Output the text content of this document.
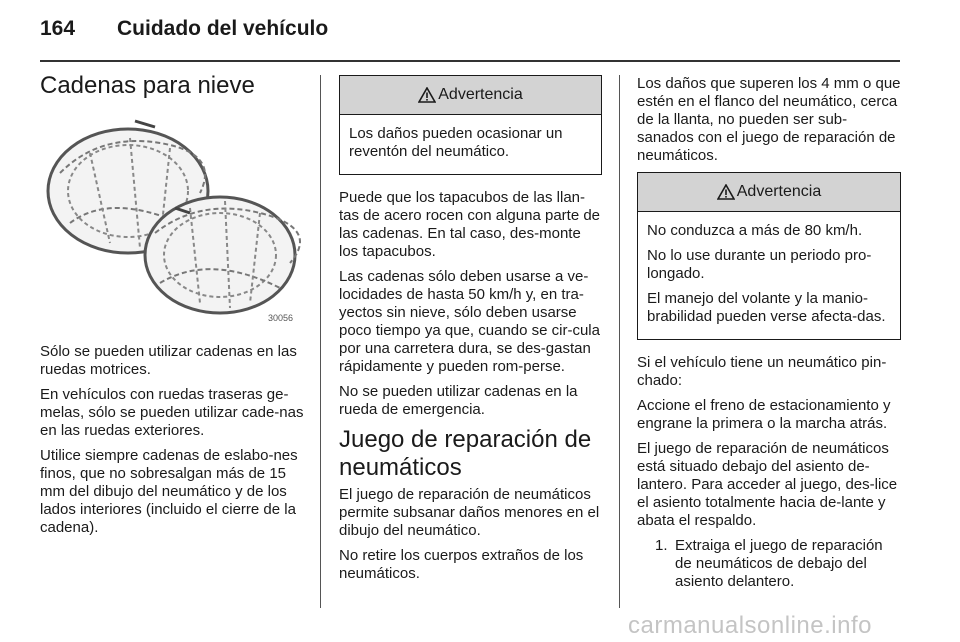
164 Cuidado del vehículo
Cadenas para nieve
30056

Sólo se pueden utilizar cadenas en las ruedas motrices.

En vehículos con ruedas traseras ge-melas, sólo se pueden utilizar cade-nas en las ruedas exteriores.

Utilice siempre cadenas de eslabo-nes finos, que no sobresalgan más de 15 mm del dibujo del neumático y de los lados interiores (incluido el cierre de la cadena).

Advertencia

Los daños pueden ocasionar un reventón del neumático.

Puede que los tapacubos de las llan-tas de acero rocen con alguna parte de las cadenas. En tal caso, des-monte los tapacubos.

Las cadenas sólo deben usarse a ve-locidades de hasta 50 km/h y, en tra-yectos sin nieve, sólo deben usarse poco tiempo ya que, cuando se cir-cula por una carretera dura, se des-gastan rápidamente y pueden rom-perse.

No se pueden utilizar cadenas en la rueda de emergencia.

Juego de reparación de neumáticos

El juego de reparación de neumáticos permite subsanar daños menores en el dibujo del neumático.

No retire los cuerpos extraños de los neumáticos.

Los daños que superen los 4 mm o que estén en el flanco del neumático, cerca de la llanta, no pueden ser sub-sanados con el juego de reparación de neumáticos.

Advertencia

No conduzca a más de 80 km/h.

No lo use durante un periodo pro-longado.

El manejo del volante y la manio-brabilidad pueden verse afecta-das.

Si el vehículo tiene un neumático pin-chado:

Accione el freno de estacionamiento y engrane la primera o la marcha atrás.

El juego de reparación de neumáticos está situado debajo del asiento de-lantero. Para acceder al juego, des-lice el asiento totalmente hacia de-lante y abata el respaldo.

1. Extraiga el juego de reparación de neumáticos de debajo del asiento delantero.
carmanualsonline.info
